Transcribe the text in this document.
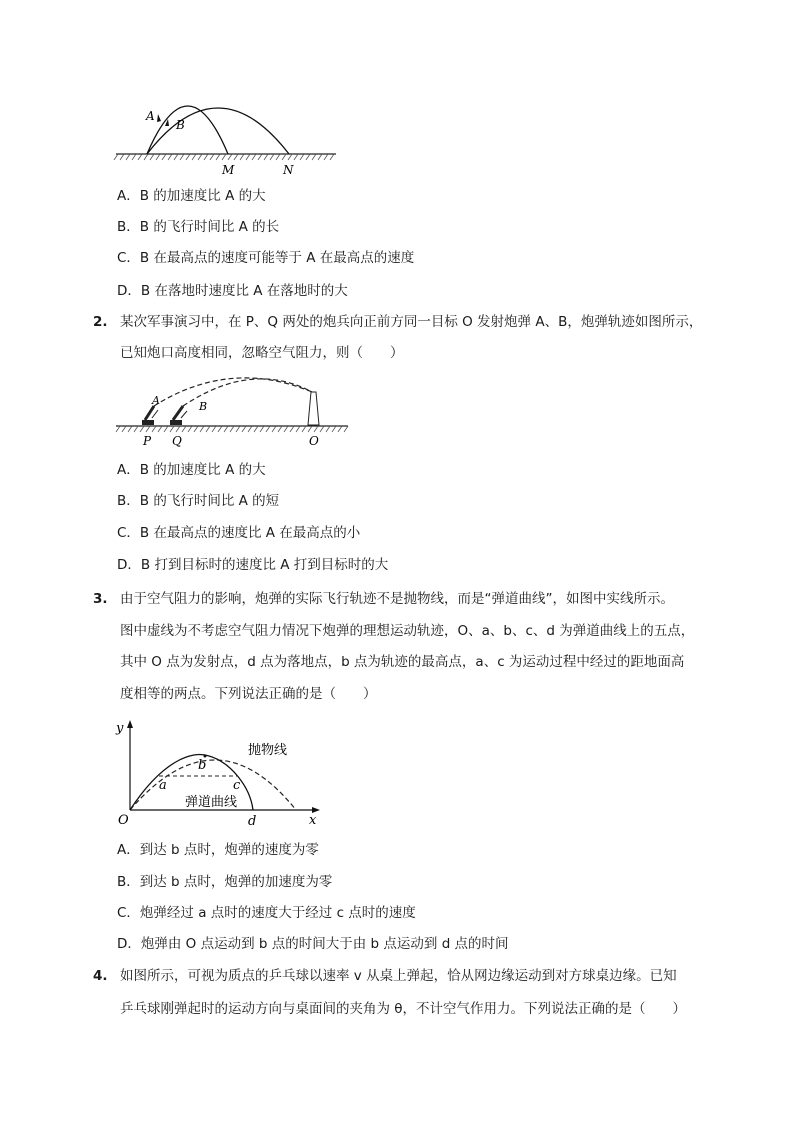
A
B
M	N
A．B 的加速度比 A 的大
B．B 的飞行时间比 A 的长
C．B 在最高点的速度可能等于 A 在最高点的速度
D．B 在落地时速度比 A 在落地时的大
2. 某次军事演习中，在 P、Q 两处的炮兵向正前方同一目标 O 发射炮弹 A、B，炮弹轨迹如图所示，
已知炮口高度相同，忽略空气阻力，则（　　）
A	B
P Q	O
A．B 的加速度比 A 的大
B．B 的飞行时间比 A 的短
C．B 在最高点的速度比 A 在最高点的小
D．B 打到目标时的速度比 A 打到目标时的大
3. 由于空气阻力的影响，炮弹的实际飞行轨迹不是抛物线，而是“弹道曲线”，如图中实线所示。
图中虚线为不考虑空气阻力情况下炮弹的理想运动轨迹，O、a、b、c、d 为弹道曲线上的五点，
其中 O 点为发射点，d 点为落地点，b 点为轨迹的最高点，a、c 为运动过程中经过的距地面高
度相等的两点。下列说法正确的是（　　）
y
x
O
a
b
c
d
抛物线
弹道曲线
A．到达 b 点时，炮弹的速度为零
B．到达 b 点时，炮弹的加速度为零
C．炮弹经过 a 点时的速度大于经过 c 点时的速度
D．炮弹由 O 点运动到 b 点的时间大于由 b 点运动到 d 点的时间
4. 如图所示，可视为质点的乒乓球以速率 v 从桌上弹起，恰从网边缘运动到对方球桌边缘。已知
乒乓球刚弹起时的运动方向与桌面间的夹角为 θ，不计空气作用力。下列说法正确的是（　　）
